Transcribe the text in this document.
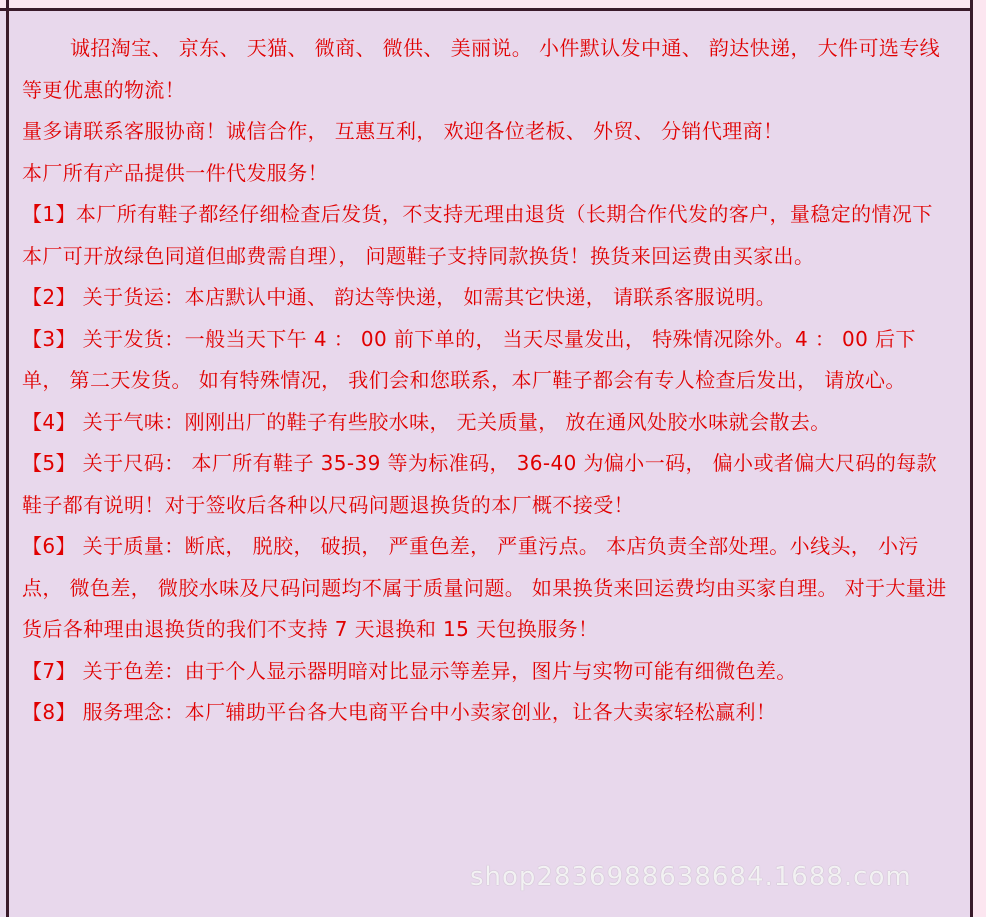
诚招淘宝、 京东、 天猫、 微商、 微供、 美丽说。 小件默认发中通、 韵达快递， 大件可选专线等更优惠的物流！

量多请联系客服协商！诚信合作， 互惠互利， 欢迎各位老板、 外贸、 分销代理商！

本厂所有产品提供一件代发服务！

【1】本厂所有鞋子都经仔细检查后发货，不支持无理由退货（长期合作代发的客户，量稳定的情况下本厂可开放绿色同道但邮费需自理）， 问题鞋子支持同款换货！换货来回运费由买家出。

【2】 关于货运：本店默认中通、 韵达等快递， 如需其它快递， 请联系客服说明。

【3】 关于发货：一般当天下午 4 ： 00 前下单的， 当天尽量发出， 特殊情况除外。4 ： 00 后下单， 第二天发货。 如有特殊情况， 我们会和您联系，本厂鞋子都会有专人检查后发出， 请放心。

【4】 关于气味：刚刚出厂的鞋子有些胶水味， 无关质量， 放在通风处胶水味就会散去。

【5】 关于尺码： 本厂所有鞋子 35-39 等为标准码， 36-40 为偏小一码， 偏小或者偏大尺码的每款鞋子都有说明！对于签收后各种以尺码问题退换货的本厂概不接受！

【6】 关于质量：断底， 脱胶， 破损， 严重色差， 严重污点。 本店负责全部处理。小线头， 小污点， 微色差， 微胶水味及尺码问题均不属于质量问题。 如果换货来回运费均由买家自理。 对于大量进货后各种理由退换货的我们不支持 7 天退换和 15 天包换服务！

【7】 关于色差：由于个人显示器明暗对比显示等差异，图片与实物可能有细微色差。

【8】 服务理念：本厂辅助平台各大电商平台中小卖家创业，让各大卖家轻松赢利！

shop2836988638684.1688.com
